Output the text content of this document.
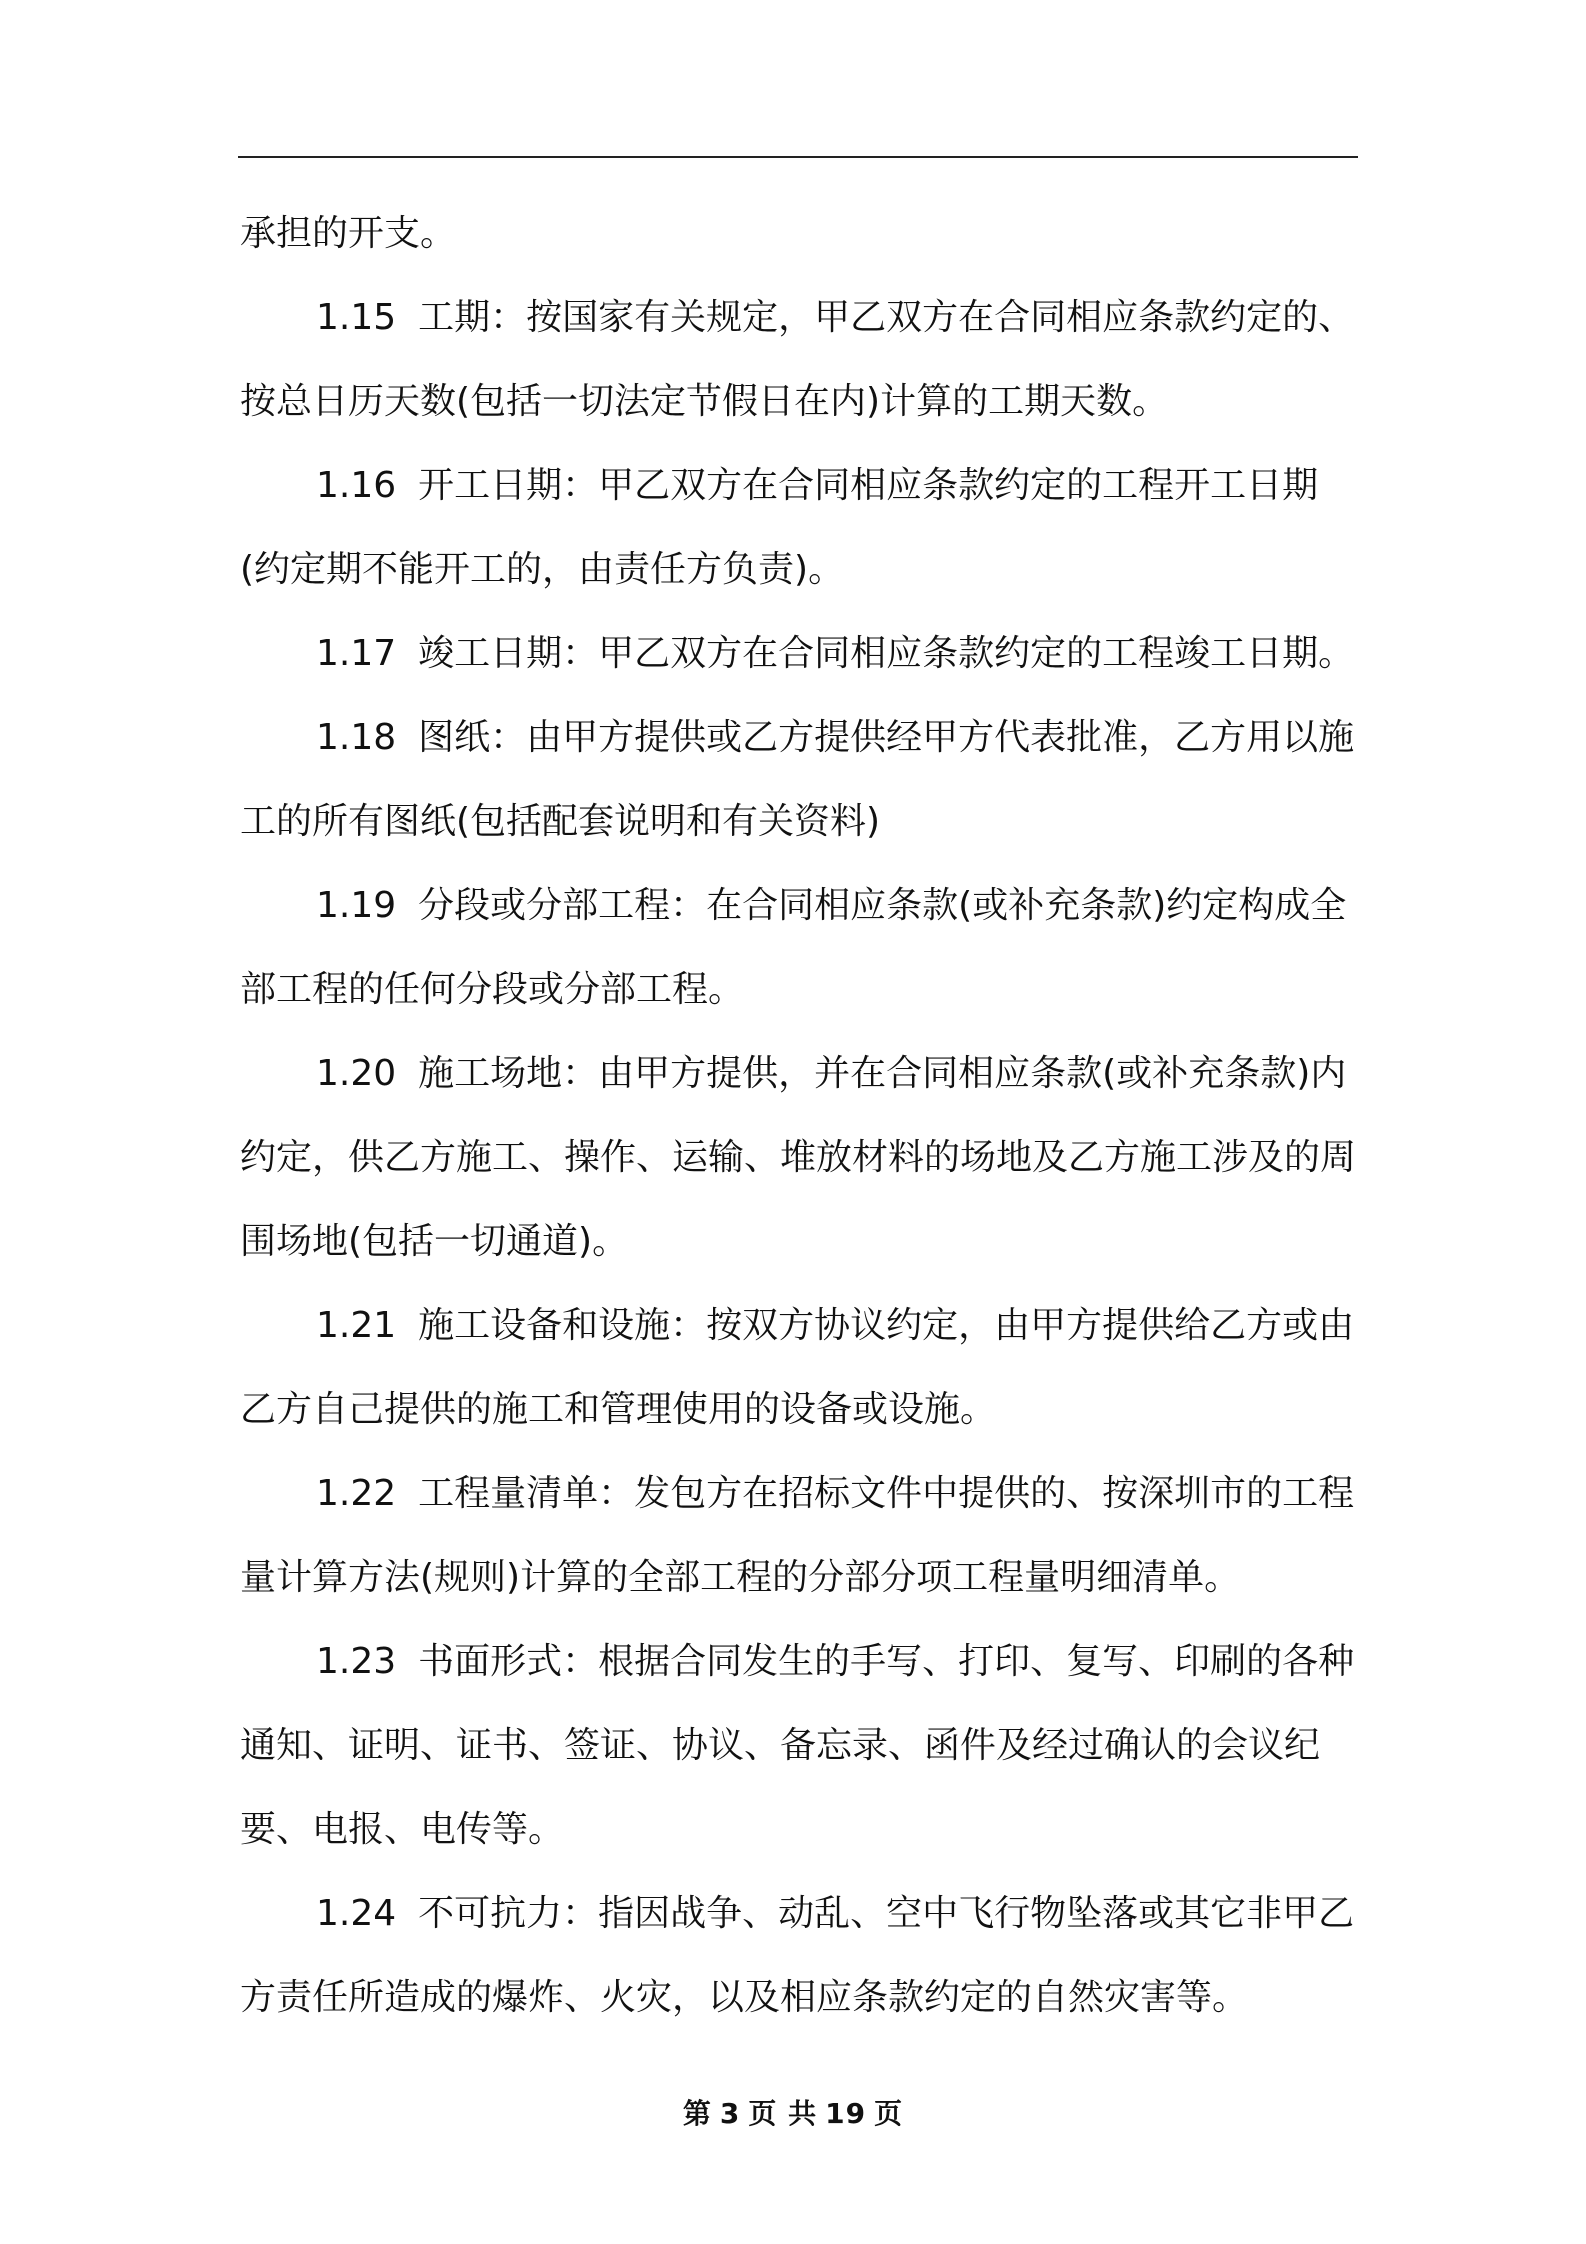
承担的开支。

1.15 工期：按国家有关规定，甲乙双方在合同相应条款约定的、按总日历天数(包括一切法定节假日在内)计算的工期天数。

1.16 开工日期：甲乙双方在合同相应条款约定的工程开工日期(约定期不能开工的，由责任方负责)。

1.17 竣工日期：甲乙双方在合同相应条款约定的工程竣工日期。

1.18 图纸：由甲方提供或乙方提供经甲方代表批准，乙方用以施工的所有图纸(包括配套说明和有关资料)

1.19 分段或分部工程：在合同相应条款(或补充条款)约定构成全部工程的任何分段或分部工程。

1.20 施工场地：由甲方提供，并在合同相应条款(或补充条款)内约定，供乙方施工、操作、运输、堆放材料的场地及乙方施工涉及的周围场地(包括一切通道)。

1.21 施工设备和设施：按双方协议约定，由甲方提供给乙方或由乙方自己提供的施工和管理使用的设备或设施。

1.22 工程量清单：发包方在招标文件中提供的、按深圳市的工程量计算方法(规则)计算的全部工程的分部分项工程量明细清单。

1.23 书面形式：根据合同发生的手写、打印、复写、印刷的各种通知、证明、证书、签证、协议、备忘录、函件及经过确认的会议纪要、电报、电传等。

1.24 不可抗力：指因战争、动乱、空中飞行物坠落或其它非甲乙方责任所造成的爆炸、火灾，以及相应条款约定的自然灾害等。

第 3 页 共 19 页
